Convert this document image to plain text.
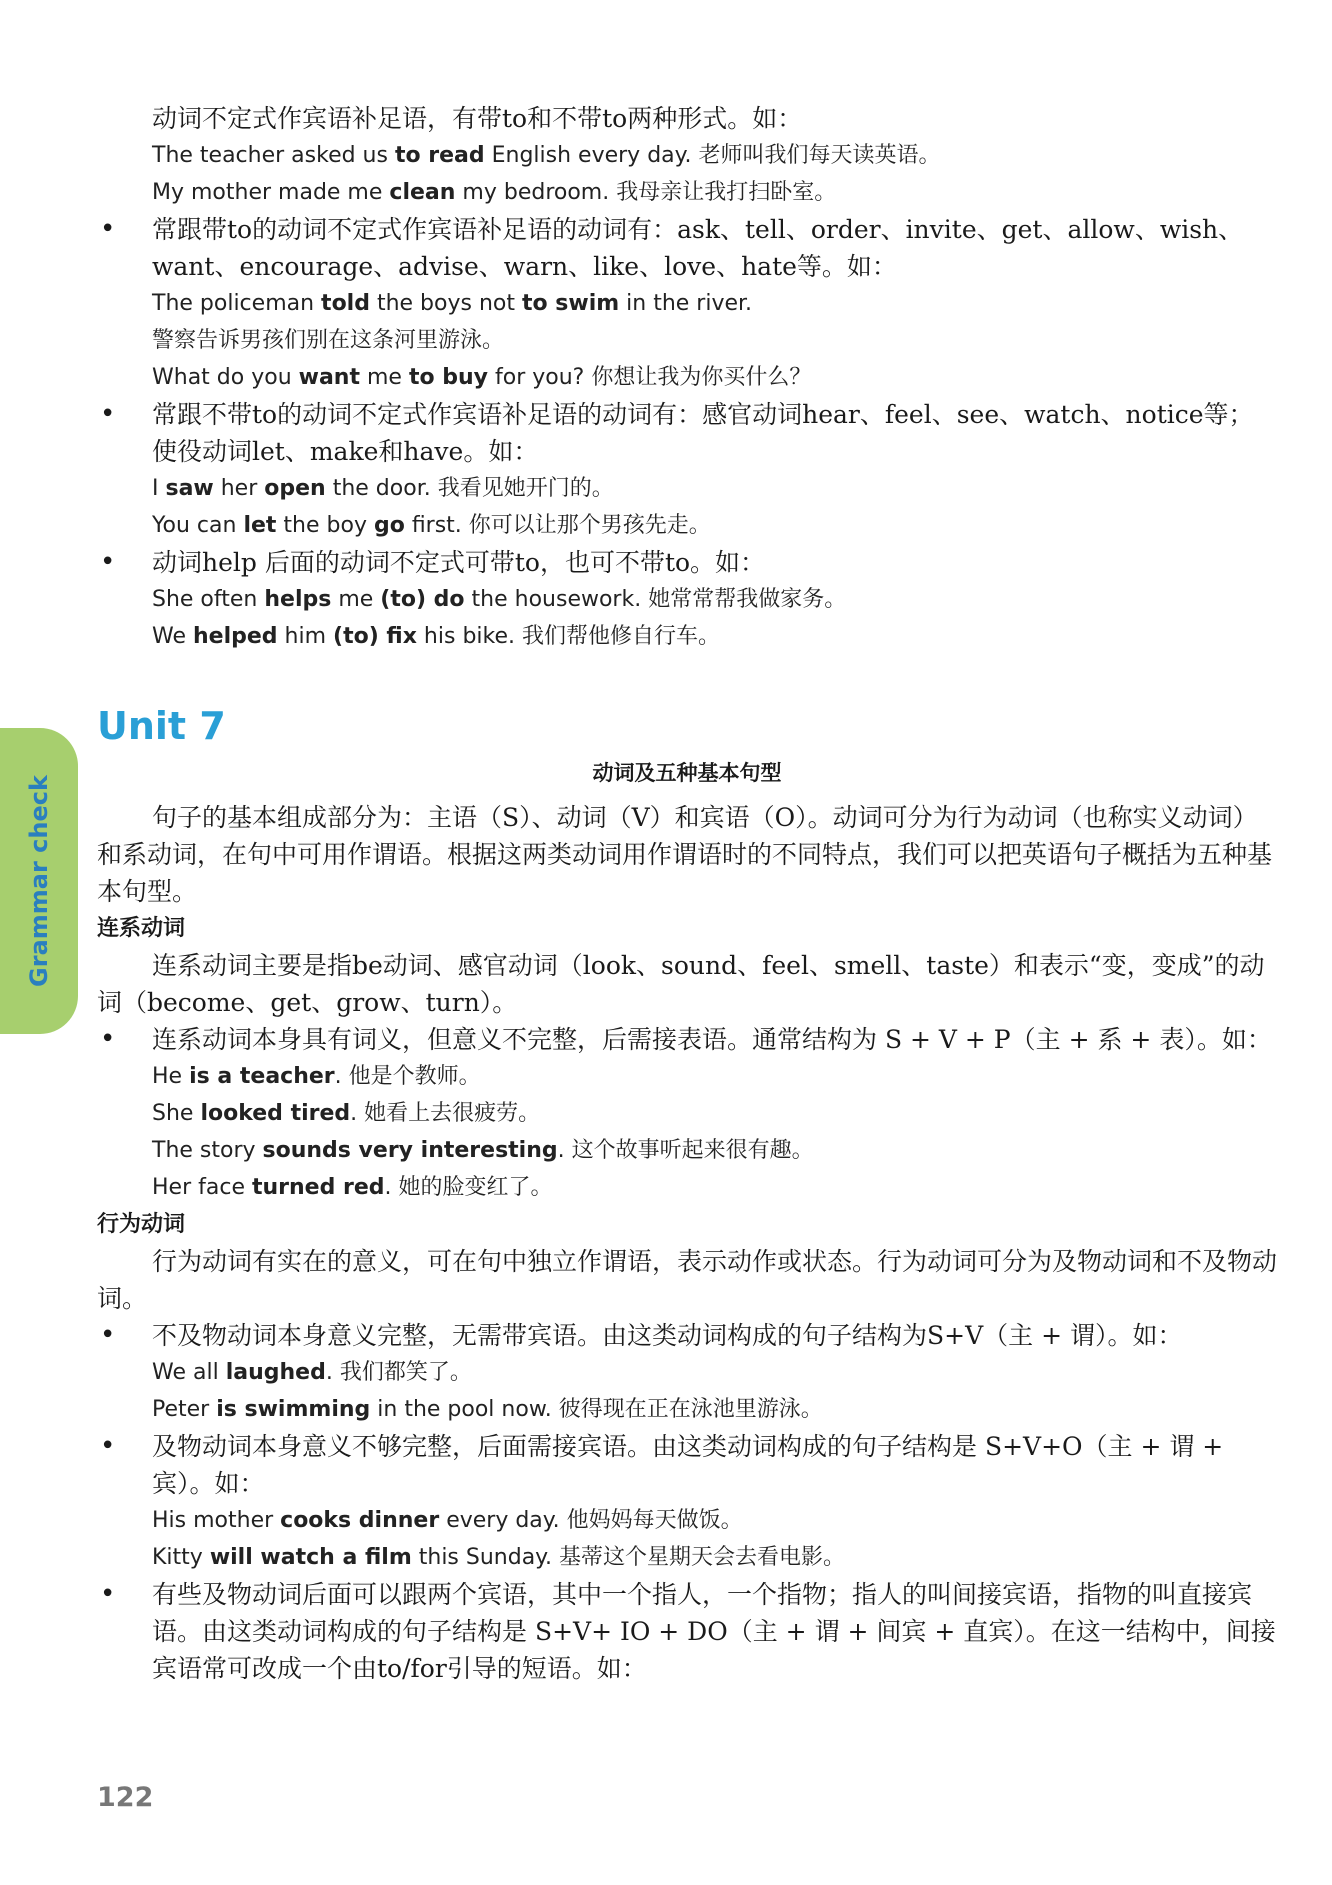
Grammar check

动词不定式作宾语补足语，有带to和不带to两种形式。如：

The teacher asked us to read English every day. 老师叫我们每天读英语。

My mother made me clean my bedroom. 我母亲让我打扫卧室。

• 常跟带to的动词不定式作宾语补足语的动词有：ask、tell、order、invite、get、allow、wish、want、encourage、advise、warn、like、love、hate等。如：

The policeman told the boys not to swim in the river.

警察告诉男孩们别在这条河里游泳。

What do you want me to buy for you? 你想让我为你买什么？

• 常跟不带to的动词不定式作宾语补足语的动词有：感官动词hear、feel、see、watch、notice等；使役动词let、make和have。如：

I saw her open the door. 我看见她开门的。

You can let the boy go first. 你可以让那个男孩先走。

• 动词help 后面的动词不定式可带to，也可不带to。如：

She often helps me (to) do the housework. 她常常帮我做家务。

We helped him (to) fix his bike. 我们帮他修自行车。

Unit 7
动词及五种基本句型

句子的基本组成部分为：主语（S）、动词（V）和宾语（O）。动词可分为行为动词（也称实义动词）和系动词，在句中可用作谓语。根据这两类动词用作谓语时的不同特点，我们可以把英语句子概括为五种基本句型。

连系动词

连系动词主要是指be动词、感官动词（look、sound、feel、smell、taste）和表示“变，变成”的动词（become、get、grow、turn）。

• 连系动词本身具有词义，但意义不完整，后需接表语。通常结构为 S + V + P（主 + 系 + 表）。如：

He is a teacher. 他是个教师。

She looked tired. 她看上去很疲劳。

The story sounds very interesting. 这个故事听起来很有趣。

Her face turned red. 她的脸变红了。

行为动词

行为动词有实在的意义，可在句中独立作谓语，表示动作或状态。行为动词可分为及物动词和不及物动词。

• 不及物动词本身意义完整，无需带宾语。由这类动词构成的句子结构为S+V（主 + 谓）。如：

We all laughed. 我们都笑了。

Peter is swimming in the pool now. 彼得现在正在泳池里游泳。

• 及物动词本身意义不够完整，后面需接宾语。由这类动词构成的句子结构是 S+V+O（主 + 谓 + 宾）。如：

His mother cooks dinner every day. 他妈妈每天做饭。

Kitty will watch a film this Sunday. 基蒂这个星期天会去看电影。

• 有些及物动词后面可以跟两个宾语，其中一个指人，一个指物；指人的叫间接宾语，指物的叫直接宾语。由这类动词构成的句子结构是 S+V+ IO + DO（主 + 谓 + 间宾 + 直宾）。在这一结构中，间接宾语常可改成一个由to/for引导的短语。如：

122
